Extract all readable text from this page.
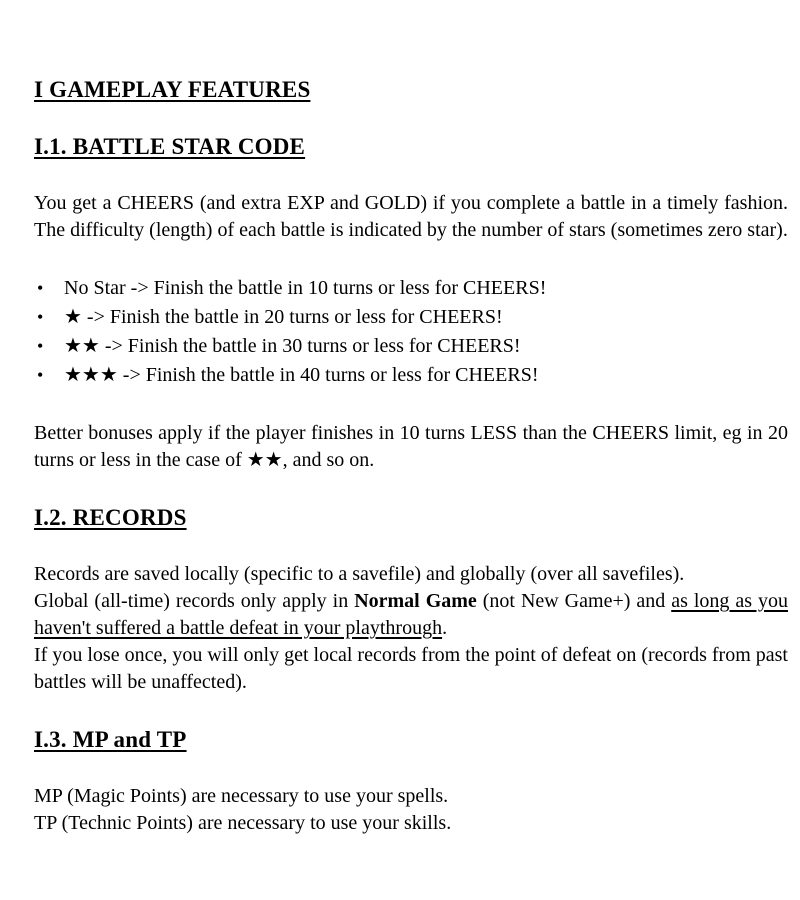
I GAMEPLAY FEATURES
I.1. BATTLE STAR CODE

You get a CHEERS (and extra EXP and GOLD) if you complete a battle in a timely fashion. The difficulty (length) of each battle is indicated by the number of stars (sometimes zero star).

• No Star -> Finish the battle in 10 turns or less for CHEERS!
• ★ -> Finish the battle in 20 turns or less for CHEERS!
• ★★ -> Finish the battle in 30 turns or less for CHEERS!
• ★★★ -> Finish the battle in 40 turns or less for CHEERS!

Better bonuses apply if the player finishes in 10 turns LESS than the CHEERS limit, eg in 20 turns or less in the case of ★★, and so on.

I.2. RECORDS

Records are saved locally (specific to a savefile) and globally (over all savefiles).

Global (all-time) records only apply in Normal Game (not New Game+) and as long as you haven't suffered a battle defeat in your playthrough.

If you lose once, you will only get local records from the point of defeat on (records from past battles will be unaffected).

I.3. MP and TP

MP (Magic Points) are necessary to use your spells.

TP (Technic Points) are necessary to use your skills.
